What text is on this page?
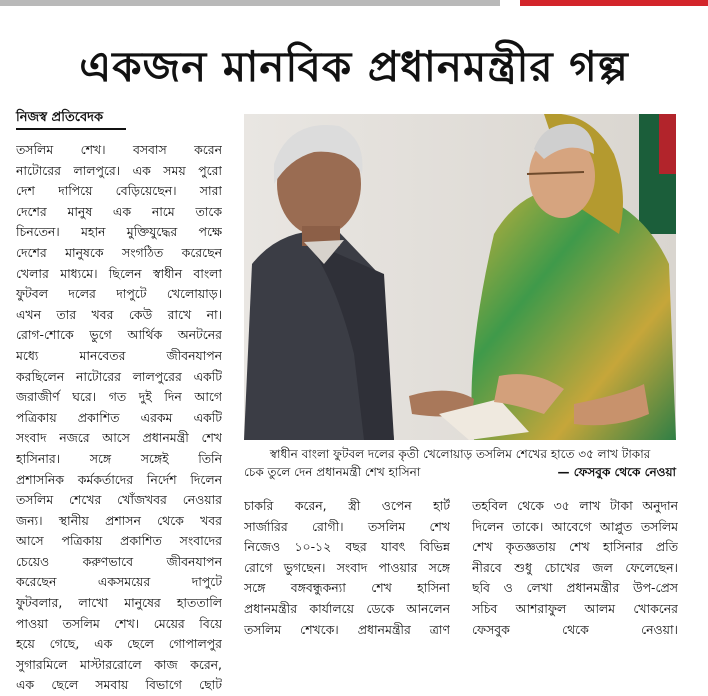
একজন মানবিক প্রধানমন্ত্রীর গল্প
নিজস্ব প্রতিবেদক
তসলিম শেখ। বসবাস করেন
নাটোরের লালপুরে। এক সময় পুরো
দেশ দাপিয়ে বেড়িয়েছেন। সারা
দেশের মানুষ এক নামে তাকে
চিনতেন। মহান মুক্তিযুদ্ধের পক্ষে
দেশের মানুষকে সংগঠিত করেছেন
খেলার মাধ্যমে। ছিলেন স্বাধীন বাংলা
ফুটবল দলের দাপুটে খেলোয়াড়।
এখন তার খবর কেউ রাখে না।
রোগ-শোকে ভুগে আর্থিক অনটনের
মধ্যে মানবেতর জীবনযাপন
করছিলেন নাটোরের লালপুরের একটি
জরাজীর্ণ ঘরে। গত দুই দিন আগে
পত্রিকায় প্রকাশিত এরকম একটি
সংবাদ নজরে আসে প্রধানমন্ত্রী শেখ
হাসিনার। সঙ্গে সঙ্গেই তিনি
প্রশাসনিক কর্মকর্তাদের নির্দেশ দিলেন
তসলিম শেখের খোঁজখবর নেওয়ার
জন্য। স্থানীয় প্রশাসন থেকে খবর
আসে পত্রিকায় প্রকাশিত সংবাদের
চেয়েও করুণভাবে জীবনযাপন
করেছেন একসময়ের দাপুটে
ফুটবলার, লাখো মানুষের হাততালি
পাওয়া তসলিম শেখ। মেয়ের বিয়ে
হয়ে গেছে, এক ছেলে গোপালপুর
সুগারমিলে মাস্টাররোলে কাজ করেন,
এক ছেলে সমবায় বিভাগে ছোট
স্বাধীন বাংলা ফুটবল দলের কৃতী খেলোয়াড় তসলিম শেখের হাতে ৩৫ লাখ টাকার
চেক তুলে দেন প্রধানমন্ত্রী শেখ হাসিনা	— ফেসবুক থেকে নেওয়া
চাকরি করেন, স্ত্রী ওপেন হার্ট
সার্জারির রোগী। তসলিম শেখ
নিজেও ১০-১২ বছর যাবৎ বিভিন্ন
রোগে ভুগছেন। সংবাদ পাওয়ার সঙ্গে
সঙ্গে বঙ্গবন্ধুকন্যা শেখ হাসিনা
প্রধানমন্ত্রীর কার্যালয়ে ডেকে আনলেন
তসলিম শেখকে। প্রধানমন্ত্রীর ত্রাণ
তহবিল থেকে ৩৫ লাখ টাকা অনুদান
দিলেন তাকে। আবেগে আপ্লুত তসলিম
শেখ কৃতজ্ঞতায় শেখ হাসিনার প্রতি
নীরবে শুধু চোখের জল ফেলেছেন।
ছবি ও লেখা প্রধানমন্ত্রীর উপ-প্রেস
সচিব আশরাফুল আলম খোকনের
ফেসবুক থেকে নেওয়া।
